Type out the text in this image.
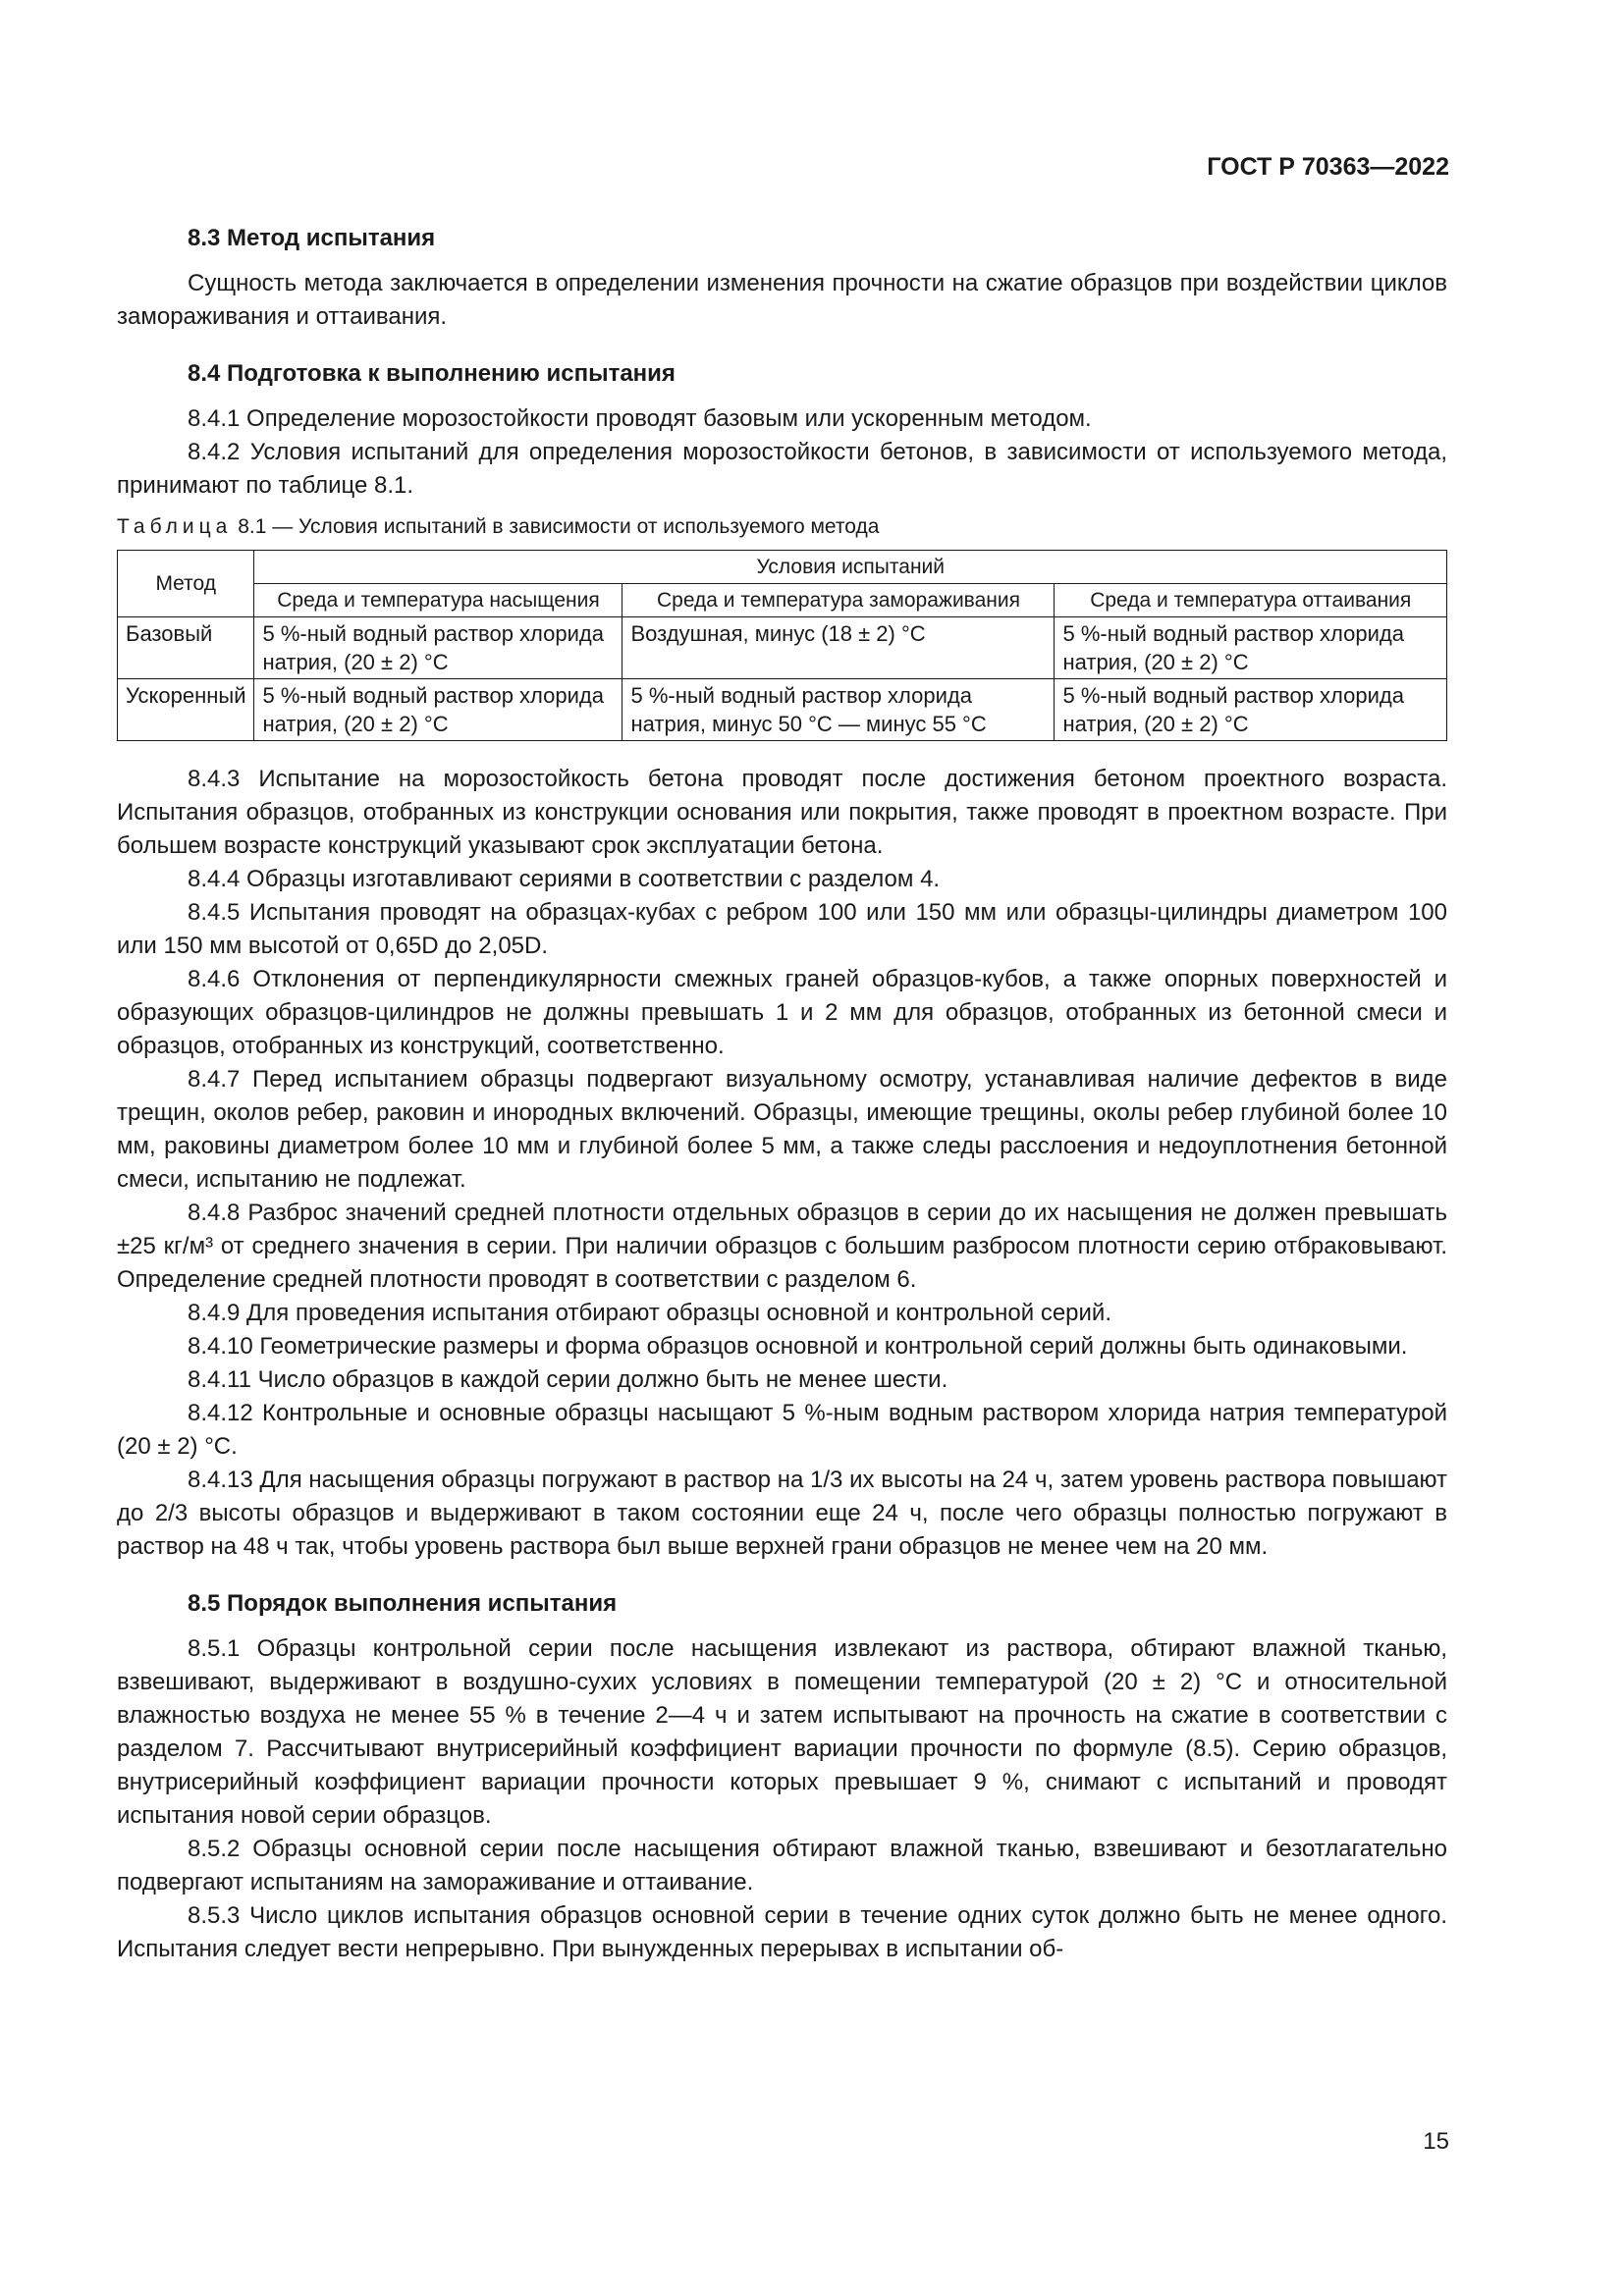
ГОСТ Р 70363—2022
8.3 Метод испытания

Сущность метода заключается в определении изменения прочности на сжатие образцов при воздействии циклов замораживания и оттаивания.

8.4 Подготовка к выполнению испытания

8.4.1 Определение морозостойкости проводят базовым или ускоренным методом.

8.4.2 Условия испытаний для определения морозостойкости бетонов, в зависимости от используемого метода, принимают по таблице 8.1.

Таблица 8.1 — Условия испытаний в зависимости от используемого метода
Метод	Условия испытаний		
	Среда и температура насыщения	Среда и температура замораживания	Среда и температура оттаивания
Базовый	5 %-ный водный раствор хлорида натрия, (20 ± 2) °С	Воздушная, минус (18 ± 2) °С	5 %-ный водный раствор хлорида натрия, (20 ± 2) °С
Ускоренный	5 %-ный водный раствор хлорида натрия, (20 ± 2) °С	5 %-ный водный раствор хлорида натрия, минус 50 °С — минус 55 °С	5 %-ный водный раствор хлорида натрия, (20 ± 2) °С

8.4.3 Испытание на морозостойкость бетона проводят после достижения бетоном проектного возраста. Испытания образцов, отобранных из конструкции основания или покрытия, также проводят в проектном возрасте. При большем возрасте конструкций указывают срок эксплуатации бетона.

8.4.4 Образцы изготавливают сериями в соответствии с разделом 4.

8.4.5 Испытания проводят на образцах-кубах с ребром 100 или 150 мм или образцы-цилиндры диаметром 100 или 150 мм высотой от 0,65D до 2,05D.

8.4.6 Отклонения от перпендикулярности смежных граней образцов-кубов, а также опорных поверхностей и образующих образцов-цилиндров не должны превышать 1 и 2 мм для образцов, отобранных из бетонной смеси и образцов, отобранных из конструкций, соответственно.

8.4.7 Перед испытанием образцы подвергают визуальному осмотру, устанавливая наличие дефектов в виде трещин, околов ребер, раковин и инородных включений. Образцы, имеющие трещины, околы ребер глубиной более 10 мм, раковины диаметром более 10 мм и глубиной более 5 мм, а также следы расслоения и недоуплотнения бетонной смеси, испытанию не подлежат.

8.4.8 Разброс значений средней плотности отдельных образцов в серии до их насыщения не должен превышать ±25 кг/м³ от среднего значения в серии. При наличии образцов с большим разбросом плотности серию отбраковывают. Определение средней плотности проводят в соответствии с разделом 6.

8.4.9 Для проведения испытания отбирают образцы основной и контрольной серий.

8.4.10 Геометрические размеры и форма образцов основной и контрольной серий должны быть одинаковыми.

8.4.11 Число образцов в каждой серии должно быть не менее шести.

8.4.12 Контрольные и основные образцы насыщают 5 %-ным водным раствором хлорида натрия температурой (20 ± 2) °С.

8.4.13 Для насыщения образцы погружают в раствор на 1/3 их высоты на 24 ч, затем уровень раствора повышают до 2/3 высоты образцов и выдерживают в таком состоянии еще 24 ч, после чего образцы полностью погружают в раствор на 48 ч так, чтобы уровень раствора был выше верхней грани образцов не менее чем на 20 мм.

8.5 Порядок выполнения испытания

8.5.1 Образцы контрольной серии после насыщения извлекают из раствора, обтирают влажной тканью, взвешивают, выдерживают в воздушно-сухих условиях в помещении температурой (20 ± 2) °С и относительной влажностью воздуха не менее 55 % в течение 2—4 ч и затем испытывают на прочность на сжатие в соответствии с разделом 7. Рассчитывают внутрисерийный коэффициент вариации прочности по формуле (8.5). Серию образцов, внутрисерийный коэффициент вариации прочности которых превышает 9 %, снимают с испытаний и проводят испытания новой серии образцов.

8.5.2 Образцы основной серии после насыщения обтирают влажной тканью, взвешивают и безотлагательно подвергают испытаниям на замораживание и оттаивание.

8.5.3 Число циклов испытания образцов основной серии в течение одних суток должно быть не менее одного. Испытания следует вести непрерывно. При вынужденных перерывах в испытании об-

15
